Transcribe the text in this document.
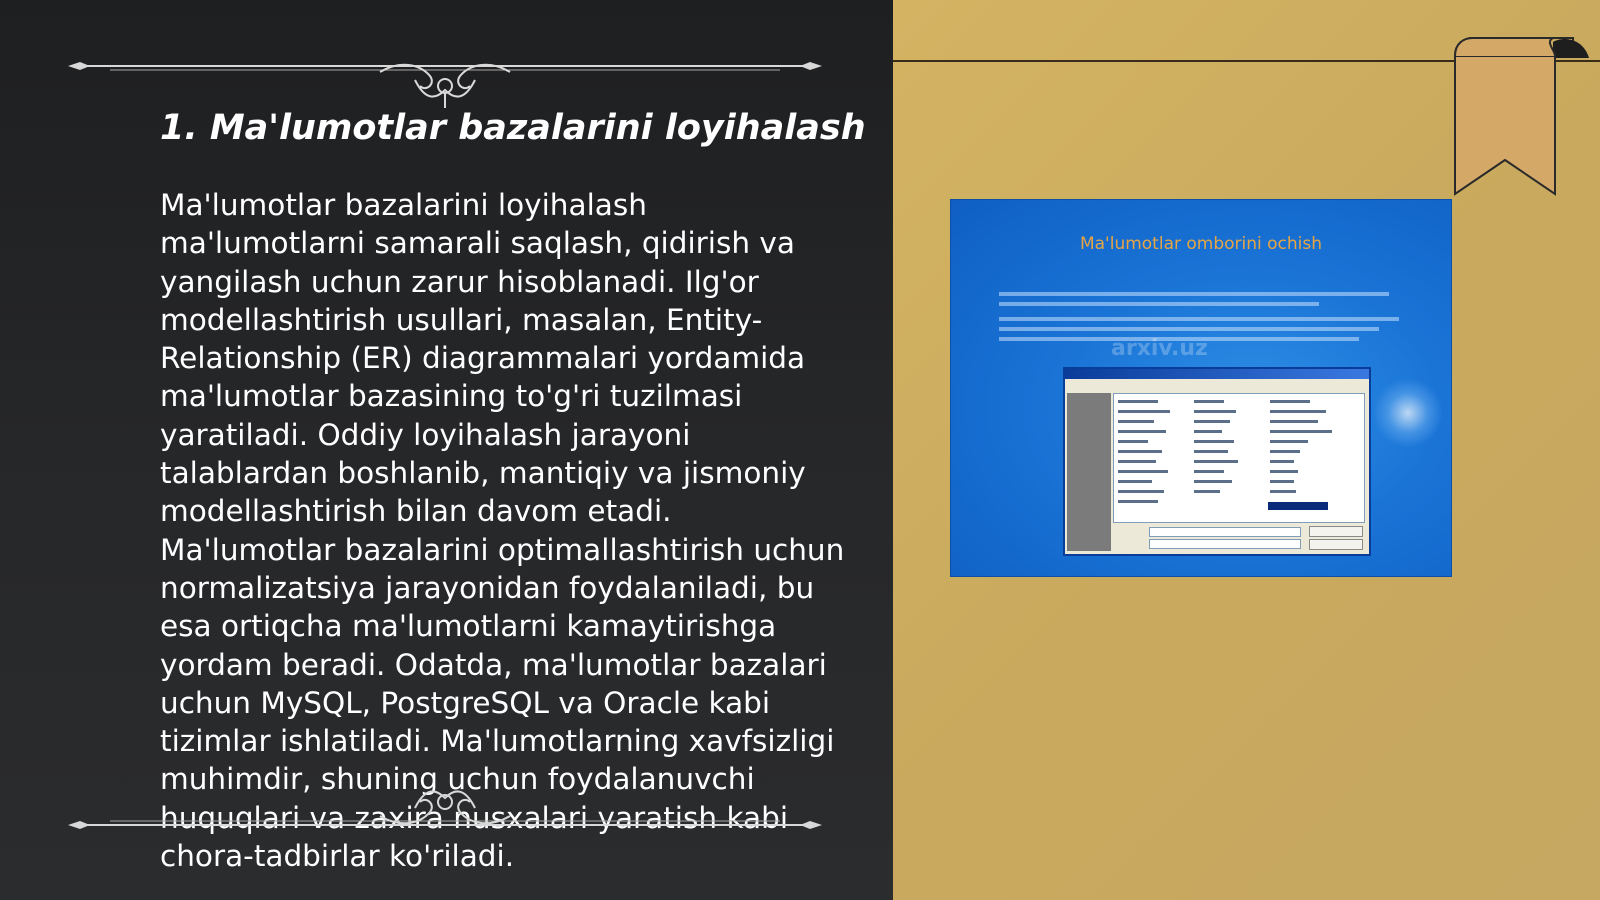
1. Ma'lumotlar bazalarini loyihalash

Ma'lumotlar bazalarini loyihalash ma'lumotlarni samarali saqlash, qidirish va yangilash uchun zarur hisoblanadi. Ilg'or modellashtirish usullari, masalan, Entity-Relationship (ER) diagrammalari yordamida ma'lumotlar bazasining to'g'ri tuzilmasi yaratiladi. Oddiy loyihalash jarayoni talablardan boshlanib, mantiqiy va jismoniy modellashtirish bilan davom etadi. Ma'lumotlar bazalarini optimallashtirish uchun normalizatsiya jarayonidan foydalaniladi, bu esa ortiqcha ma'lumotlarni kamaytirishga yordam beradi. Odatda, ma'lumotlar bazalari uchun MySQL, PostgreSQL va Oracle kabi tizimlar ishlatiladi. Ma'lumotlarning xavfsizligi muhimdir, shuning uchun foydalanuvchi huquqlari va zaxira nusxalari yaratish kabi chora-tadbirlar ko'riladi.

Ma'lumotlar omborini ochish
arxiv.uz
